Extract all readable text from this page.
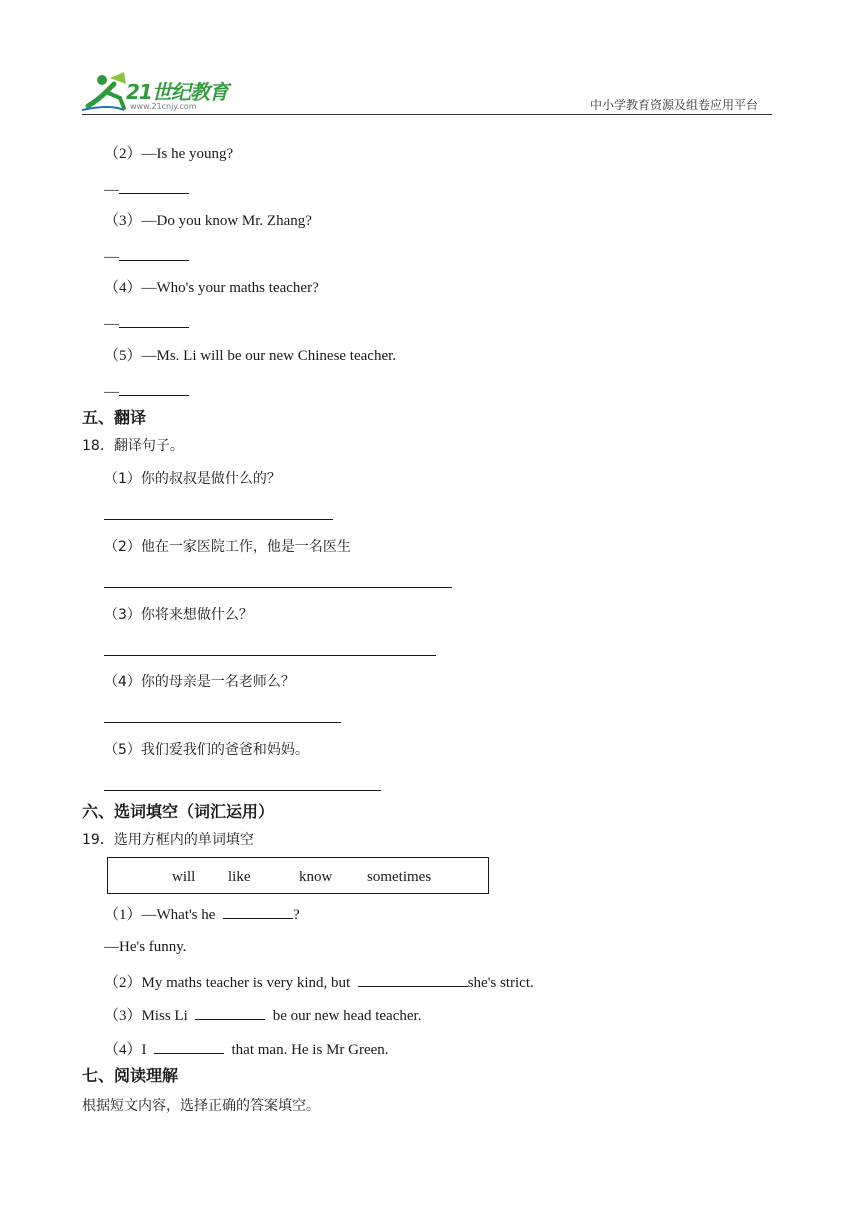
21世纪教育
www.21cnjy.com	中小学教育资源及组卷应用平台
（2）—Is he young?
—
（3）—Do you know Mr. Zhang?
—
（4）—Who's your maths teacher?
—
（5）—Ms. Li will be our new Chinese teacher.
—
五、翻译
18．翻译句子。
（1）你的叔叔是做什么的？
（2）他在一家医院工作，他是一名医生
（3）你将来想做什么？
（4）你的母亲是一名老师么？
（5）我们爱我们的爸爸和妈妈。
六、选词填空（词汇运用）
19．选用方框内的单词填空
will like	know sometimes
（1）—What's he	?
—He's funny.
（2）My maths teacher is very kind, but	she's strict.
（3）Miss Li	be our new head teacher.
（4）I	that man. He is Mr Green.
七、阅读理解
根据短文内容，选择正确的答案填空。
